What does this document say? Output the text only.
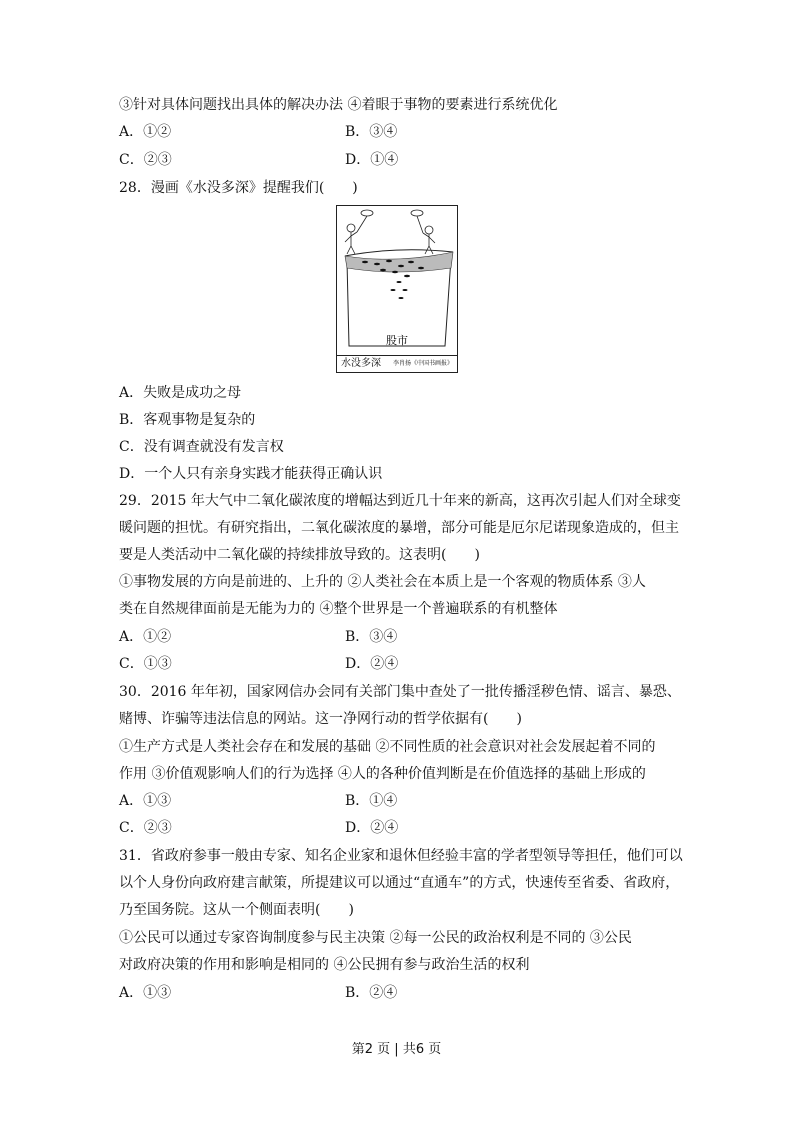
③针对具体问题找出具体的解决办法 ④着眼于事物的要素进行系统优化
A．①②	B．③④
C．②③	D．①④
28．漫画《水没多深》提醒我们(　　)
股市
水没多深 李肖扬《中国书画报》
A．失败是成功之母
B．客观事物是复杂的
C．没有调查就没有发言权
D．一个人只有亲身实践才能获得正确认识
29．2015 年大气中二氧化碳浓度的增幅达到近几十年来的新高，这再次引起人们对全球变
暖问题的担忧。有研究指出，二氧化碳浓度的暴增，部分可能是厄尔尼诺现象造成的，但主
要是人类活动中二氧化碳的持续排放导致的。这表明(　　)
①事物发展的方向是前进的、上升的 ②人类社会在本质上是一个客观的物质体系 ③人
类在自然规律面前是无能为力的 ④整个世界是一个普遍联系的有机整体
A．①②	B．③④
C．①③	D．②④
30．2016 年年初，国家网信办会同有关部门集中查处了一批传播淫秽色情、谣言、暴恐、
赌博、诈骗等违法信息的网站。这一净网行动的哲学依据有(　　)
①生产方式是人类社会存在和发展的基础 ②不同性质的社会意识对社会发展起着不同的
作用 ③价值观影响人们的行为选择 ④人的各种价值判断是在价值选择的基础上形成的
A．①③	B．①④
C．②③	D．②④
31．省政府参事一般由专家、知名企业家和退休但经验丰富的学者型领导等担任，他们可以
以个人身份向政府建言献策，所提建议可以通过“直通车”的方式，快速传至省委、省政府，
乃至国务院。这从一个侧面表明(　　)
①公民可以通过专家咨询制度参与民主决策 ②每一公民的政治权利是不同的 ③公民
对政府决策的作用和影响是相同的 ④公民拥有参与政治生活的权利
A．①③	B．②④
第2 页 | 共6 页
